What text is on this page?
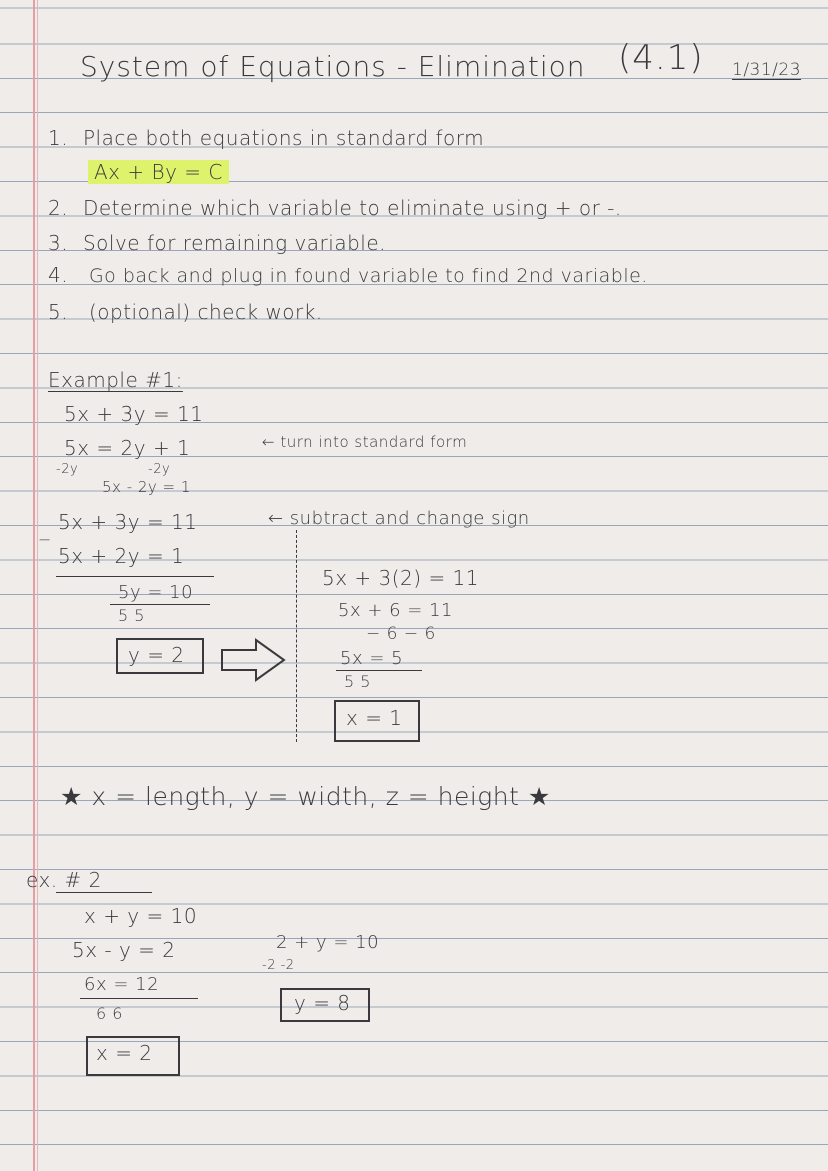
System of Equations - Elimination (4.1) 1/31/23
1. Place both equations in standard form
Ax + By = C
2. Determine which variable to eliminate using + or -.
3. Solve for remaining variable.
4. Go back and plug in found variable to find 2nd variable.
5. (optional) check work.
Example #1:
5x + 3y = 11
5x = 2y + 1	← turn into standard form
-2y	-2y
5x - 2y = 1
5x + 3y = 11	← subtract and change sign
−
5x + 2y = 1
5y = 10
5 5
y = 2
5x + 3(2) = 11
5x + 6 = 11
− 6 − 6
5x = 5
5 5
x = 1
★ x = length, y = width, z = height ★
ex. # 2
x + y = 10
5x - y = 2
6x = 12
6 6
x = 2
2 + y = 10
-2 -2
y = 8
